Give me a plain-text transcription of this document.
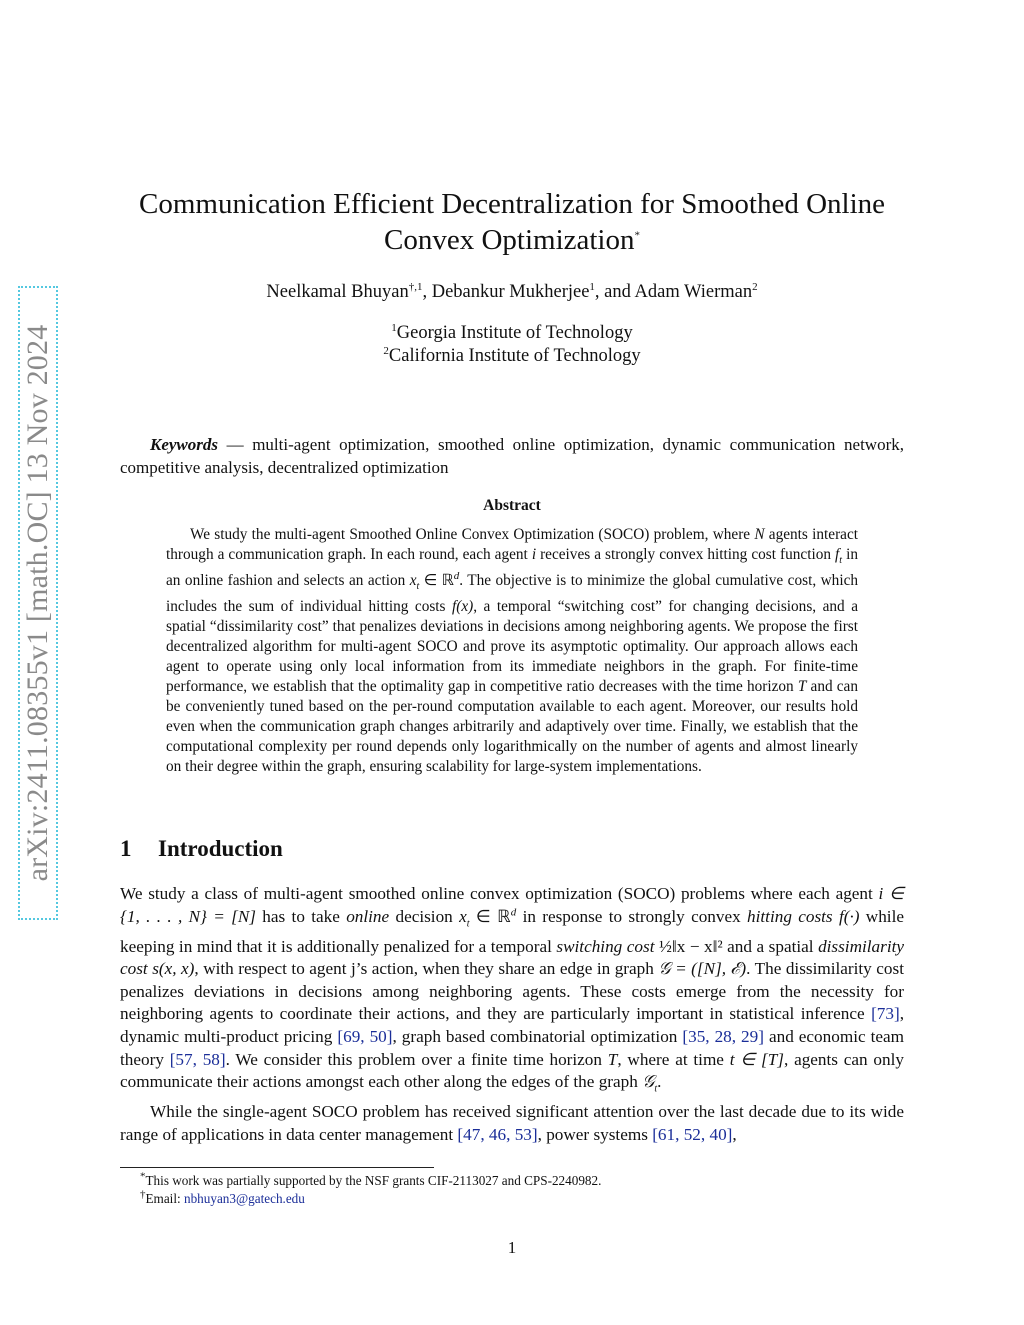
arXiv:2411.08355v1 [math.OC] 13 Nov 2024
Communication Efficient Decentralization for Smoothed Online
Convex Optimization*
Neelkamal Bhuyan$^{\dagger,1}$, Debankur Mukherjee$^1$, and Adam Wierman$^2$
$^1$Georgia Institute of Technology
$^2$California Institute of Technology
Keywords — multi-agent optimization, smoothed online optimization, dynamic communication network, competitive analysis, decentralized optimization
Abstract

We study the multi-agent Smoothed Online Convex Optimization (SOCO) problem, where N agents interact through a communication graph. In each round, each agent i receives a strongly convex hitting cost function $f_t$ in an online fashion and selects an action $x_t$ ∈ ℝ$^d$. The objective is to minimize the global cumulative cost, which includes the sum of individual hitting costs f(x), a temporal “switching cost” for changing decisions, and a spatial “dissimilarity cost” that penalizes deviations in decisions among neighboring agents. We propose the first decentralized algorithm for multi-agent SOCO and prove its asymptotic optimality. Our approach allows each agent to operate using only local information from its immediate neighbors in the graph. For finite-time performance, we establish that the optimality gap in competitive ratio decreases with the time horizon T and can be conveniently tuned based on the per-round computation available to each agent. Moreover, our results hold even when the communication graph changes arbitrarily and adaptively over time. Finally, we establish that the computational complexity per round depends only logarithmically on the number of agents and almost linearly on their degree within the graph, ensuring scalability for large-system implementations.

1 Introduction

We study a class of multi-agent smoothed online convex optimization (SOCO) problems where each agent i ∈ {1, . . . , N} = [N] has to take online decision $x_t$ ∈ ℝ$^d$ in response to strongly convex hitting costs f(·) while keeping in mind that it is additionally penalized for a temporal switching cost ½‖x − x‖² and a spatial dissimilarity cost s(x, x), with respect to agent j’s action, when they share an edge in graph 𝒢 = ([N], ℰ). The dissimilarity cost penalizes deviations in decisions among neighboring agents. These costs emerge from the necessity for neighboring agents to coordinate their actions, and they are particularly important in statistical inference [73], dynamic multi-product pricing [69, 50], graph based combinatorial optimization [35, 28, 29] and economic team theory [57, 58]. We consider this problem over a finite time horizon T, where at time t ∈ [T], agents can only communicate their actions amongst each other along the edges of the graph 𝒢$_t$.

While the single-agent SOCO problem has received significant attention over the last decade due to its wide range of applications in data center management [47, 46, 53], power systems [61, 52, 40],

*This work was partially supported by the NSF grants CIF-2113027 and CPS-2240982.
†Email: nbhuyan3@gatech.edu
1
